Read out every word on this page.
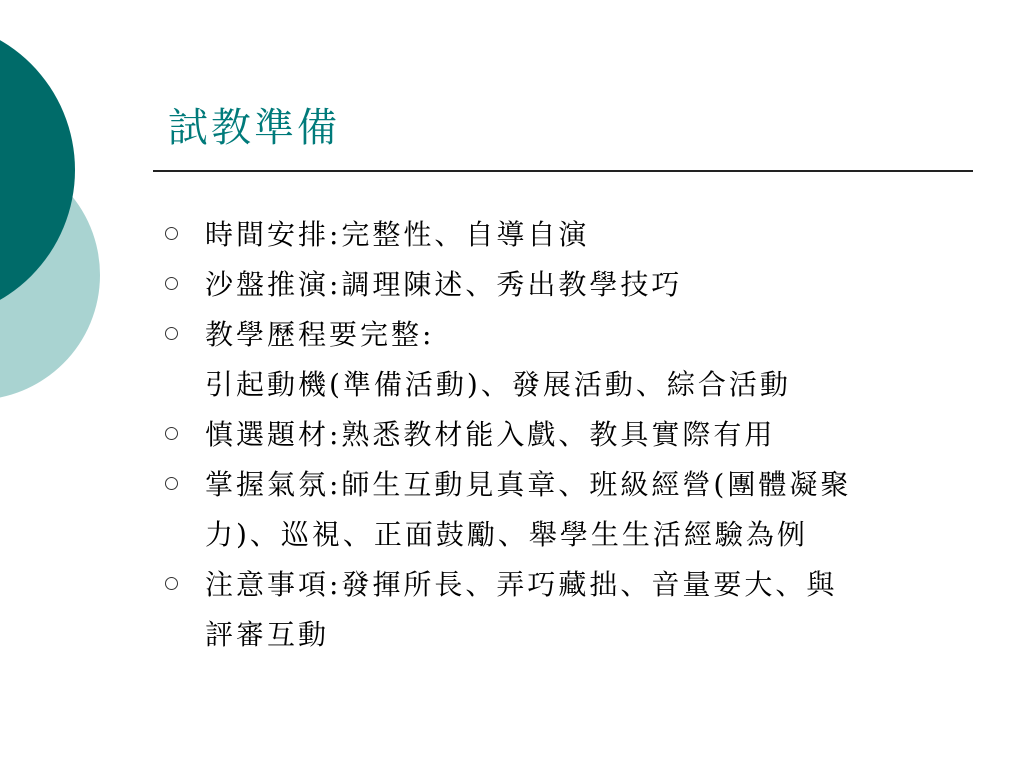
試教準備
時間安排:完整性、自導自演
沙盤推演:調理陳述、秀出教學技巧
教學歷程要完整:
引起動機(準備活動)、發展活動、綜合活動
慎選題材:熟悉教材能入戲、教具實際有用
掌握氣氛:師生互動見真章、班級經營(團體凝聚
力)、巡視、正面鼓勵、舉學生生活經驗為例
注意事項:發揮所長、弄巧藏拙、音量要大、與
評審互動
